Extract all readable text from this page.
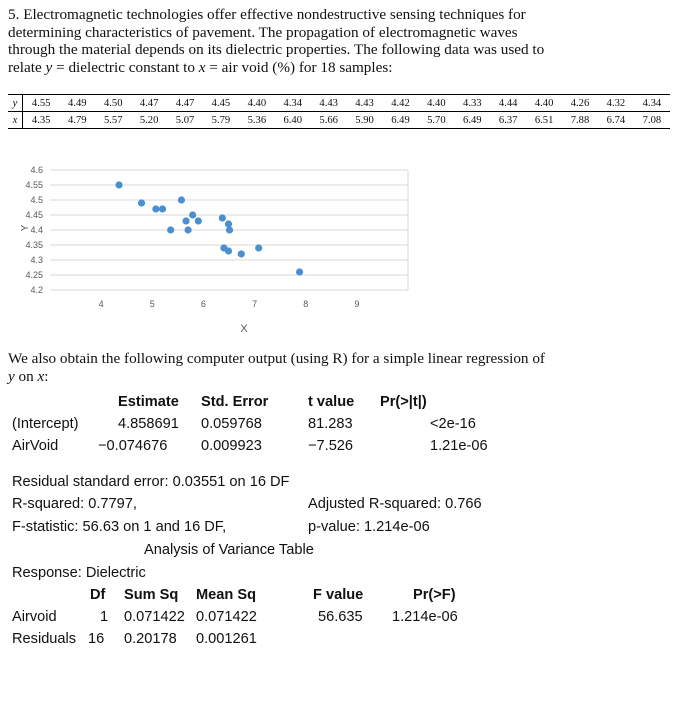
5. Electromagnetic technologies offer effective nondestructive sensing techniques for
determining characteristics of pavement. The propagation of electromagnetic waves
through the material depends on its dielectric properties. The following data was used to
relate y = dielectric constant to x = air void (%) for 18 samples:
y	4.55	4.49	4.50	4.47	4.47	4.45	4.40	4.34	4.43	4.43	4.42	4.40	4.33	4.44	4.40	4.26	4.32	4.34
x	4.35	4.79	5.57	5.20	5.07	5.79	5.36	6.40	5.66	5.90	6.49	5.70	6.49	6.37	6.51	7.88	6.74	7.08
4.6
4.55
4.5
4.45
4.4
4.35
4.3
4.25
4.2
4	5	6	7	8	9
Y
X
We also obtain the following computer output (using R) for a simple linear regression of
y on x:
Estimate Std. Error	t value Pr(>|t|)
(Intercept)	4.858691 0.059768	81.283	<2e-16
AirVoid	−0.074676 0.009923	−7.526	1.21e-06
Residual standard error: 0.03551 on 16 DF
R-squared: 0.7797,	Adjusted R-squared: 0.766
F-statistic: 56.63 on 1 and 16 DF,	p-value: 1.214e-06
Analysis of Variance Table
Response: Dielectric
Df Sum Sq Mean Sq	F value	Pr(>F)
Airvoid	1 0.071422 0.071422	56.635 1.214e-06
Residuals 16 0.20178 0.001261
